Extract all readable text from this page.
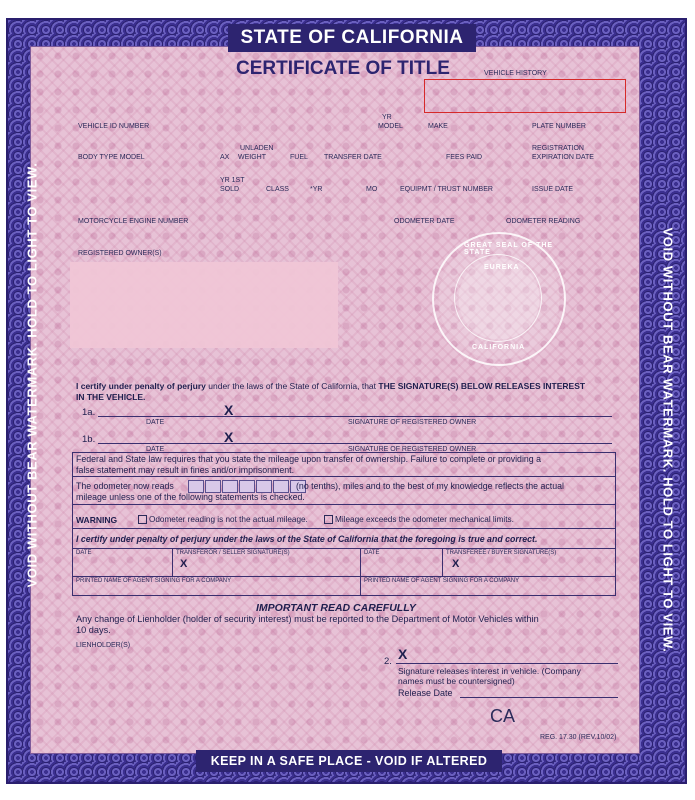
STATE OF CALIFORNIA
CERTIFICATE OF TITLE
VOID WITHOUT BEAR WATERMARK. HOLD TO LIGHT TO VIEW.	VOID WITHOUT BEAR WATERMARK. HOLD TO LIGHT TO VIEW.
VEHICLE HISTORY
VEHICLE ID NUMBER
YR
MODEL	MAKE	PLATE NUMBER
BODY TYPE MODEL	AX
UNLADEN
WEIGHT	FUEL TRANSFER DATE	FEES PAID
REGISTRATION
EXPIRATION DATE
YR 1ST
SOLD	CLASS	*YR	MO	EQUIPMT / TRUST NUMBER	ISSUE DATE
MOTORCYCLE ENGINE NUMBER	ODOMETER DATE	ODOMETER READING
REGISTERED OWNER(S)
GREAT SEAL OF THE STATE
EUREKA
CALIFORNIA
I certify under penalty of perjury under the laws of the State of California, that THE SIGNATURE(S) BELOW RELEASES INTEREST
IN THE VEHICLE.
1a.	X
DATE	SIGNATURE OF REGISTERED OWNER
1b.	X
DATE	SIGNATURE OF REGISTERED OWNER
Federal and State law requires that you state the mileage upon transfer of ownership. Failure to complete or providing a
false statement may result in fines and/or imprisonment.
The odometer now reads	(no tenths), miles and to the best of my knowledge reflects the actual
mileage unless one of the following statements is checked.
WARNING	Odometer reading is not the actual mileage.	Mileage exceeds the odometer mechanical limits.
I certify under penalty of perjury under the laws of the State of California that the foregoing is true and correct.
DATE	TRANSFEROR / SELLER SIGNATURE(S)	DATE	TRANSFEREE / BUYER SIGNATURE(S)
X	X
PRINTED NAME OF AGENT SIGNING FOR A COMPANY	PRINTED NAME OF AGENT SIGNING FOR A COMPANY
IMPORTANT READ CAREFULLY
Any change of Lienholder (holder of security interest) must be reported to the Department of Motor Vehicles within
10 days.
LIENHOLDER(S)
2. X
Signature releases interest in vehicle. (Company
names must be countersigned)
Release Date
CA
REG. 17.30 (REV.10/02)
KEEP IN A SAFE PLACE - VOID IF ALTERED
